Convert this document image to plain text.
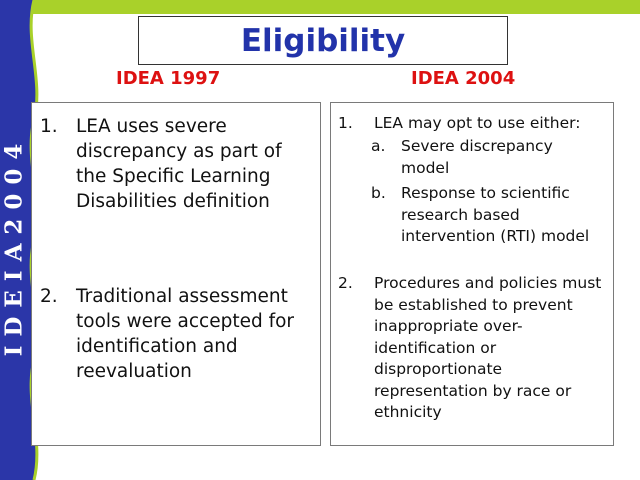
IDEIA2004
Eligibility
IDEA 1997	IDEA 2004
1. LEA uses severe discrepancy as part of the Specific Learning Disabilities definition
2. Traditional assessment tools were accepted for identification and reevaluation
1.	LEA may opt to use either:
a.	Severe discrepancy model
b. Response to scientific research based intervention (RTI) model
2.	Procedures and policies must be established to prevent inappropriate over-identification or disproportionate representation by race or ethnicity
